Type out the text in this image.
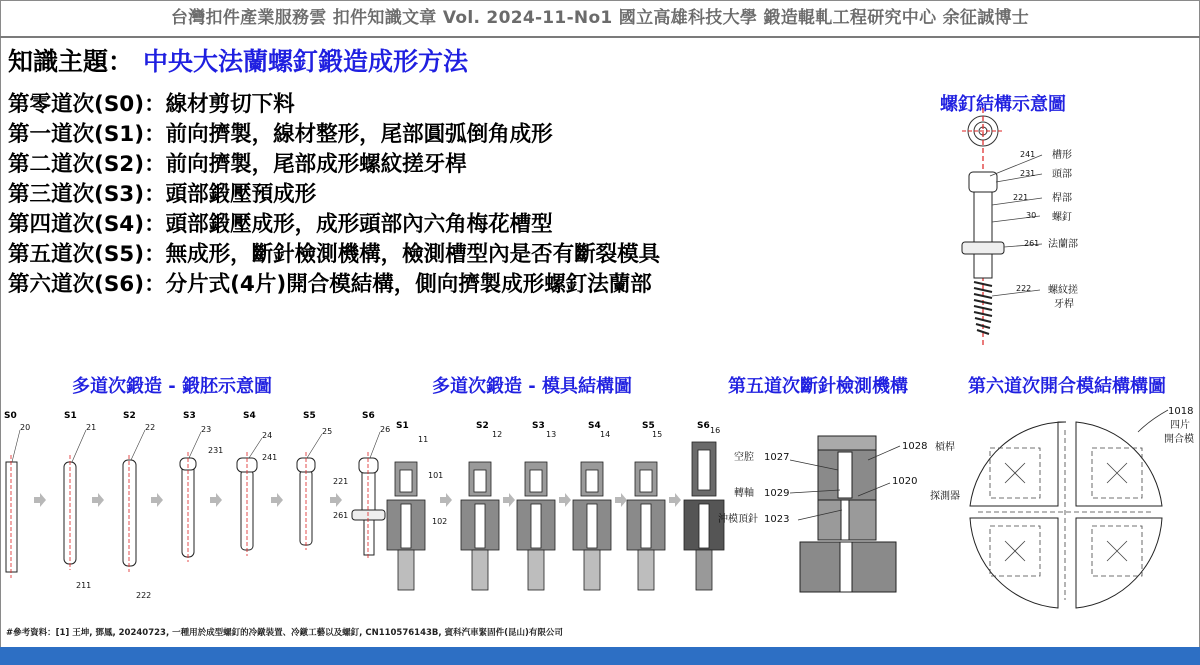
台灣扣件產業服務雲 扣件知識文章 Vol. 2024-11-No1 國立高雄科技大學 鍛造輥軋工程研究中心 余征誠博士
知識主題： 中央大法蘭螺釘鍛造成形方法
第零道次(S0)：線材剪切下料
第一道次(S1)：前向擠製，線材整形，尾部圓弧倒角成形
第二道次(S2)：前向擠製，尾部成形螺紋搓牙桿
第三道次(S3)：頭部鍛壓預成形
第四道次(S4)：頭部鍛壓成形，成形頭部內六角梅花槽型
第五道次(S5)：無成形，斷針檢測機構，檢測槽型內是否有斷裂模具
第六道次(S6)：分片式(4片)開合模結構，側向擠製成形螺釘法蘭部
螺釘結構示意圖
多道次鍛造 - 鍛胚示意圖	多道次鍛造 - 模具結構圖	第五道次斷針檢測機構	第六道次開合模結構構圖
241 槽形
231 頭部
221 桿部
30 螺釘
261 法蘭部
222 螺紋搓
牙桿
S0	S1	S2	S3	S4	S5	S6
20	21	22	23
24	25	26
211
222
231
241
221
261
S1	S2	S3	S4	S5	S6
11
12	13	14	15	16
101
102
1028 槓桿
空腔 1027
轉軸 1029
1020
探測器
沖模頂針 1023
1018
四片
開合模
#參考資料：[1] 王坤, 鄧鳳, 20240723, 一種用於成型螺釘的冷鐓裝置、冷鐓工藝以及螺釘, CN110576143B, 賓科汽車緊固件(昆山)有限公司
